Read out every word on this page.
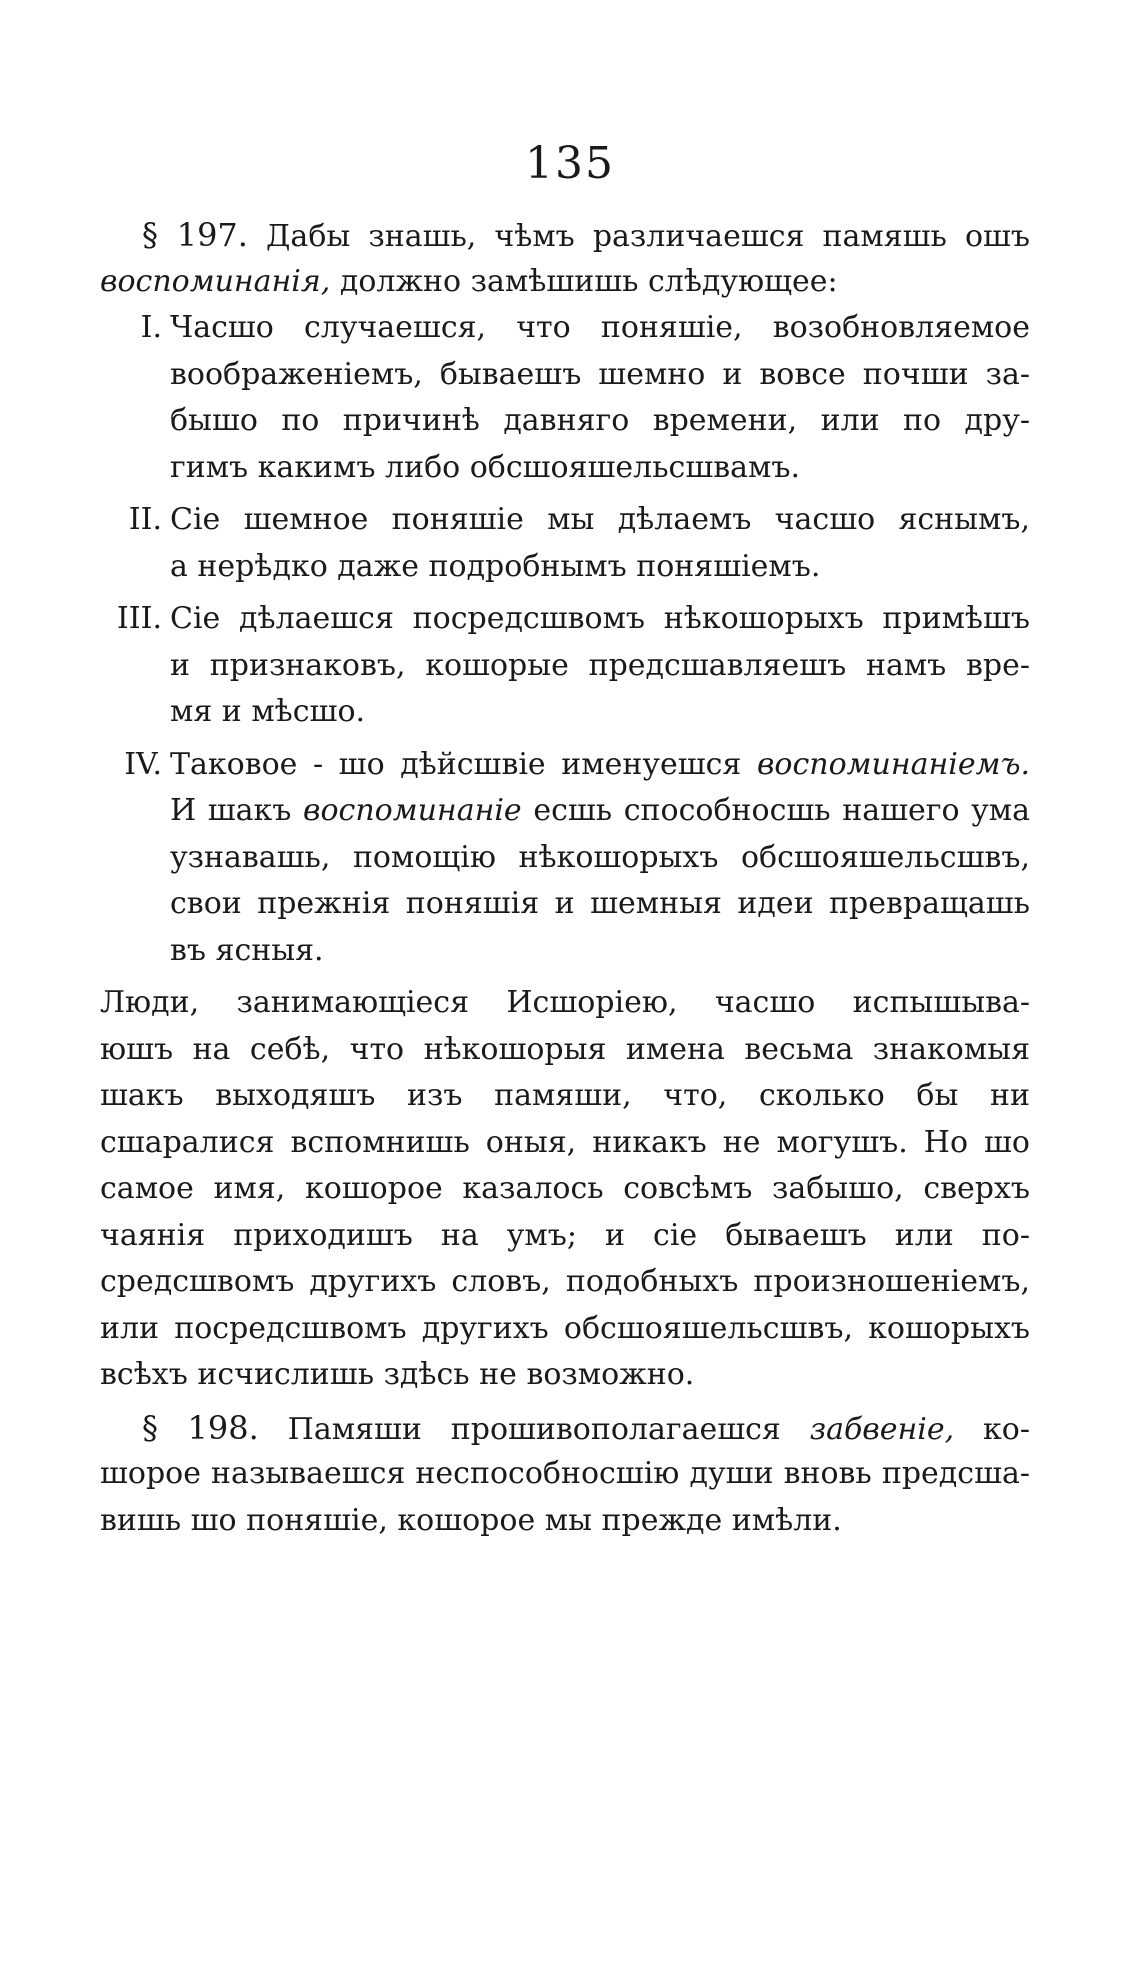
135
§ 197. Дабы знашь, чѣмъ различаешся памяшь ошъ
воспоминанія, должно замѣшишь слѣдующее:
I. Часшо случаешся, что поняшіе, возобновляемое
воображеніемъ, бываешъ шемно и вовсе почши за-
бышо по причинѣ давняго времени, или по дру-
гимъ какимъ либо обсшояшельсшвамъ.
II. Сіе шемное поняшіе мы дѣлаемъ часшо яснымъ,
а нерѣдко даже подробнымъ поняшіемъ.
III. Сіе дѣлаешся посредсшвомъ нѣкошорыхъ примѣшъ
и признаковъ, кошорые предсшавляешъ намъ вре-
мя и мѣсшо.
IV. Таковое - шо дѣйсшвіе именуешся воспоминаніемъ.
И шакъ воспоминаніе есшь способносшь нашего ума
узнавашь, помощію нѣкошорыхъ обсшояшельсшвъ,
свои прежнія поняшія и шемныя идеи превращашь
въ ясныя.
Люди, занимающіеся Исшоріею, часшо испышыва-
юшъ на себѣ, что нѣкошорыя имена весьма знакомыя
шакъ выходяшъ изъ памяши, что, сколько бы ни
сшаралися вспомнишь оныя, никакъ не могушъ. Но шо
самое имя, кошорое казалось совсѣмъ забышо, сверхъ
чаянія приходишъ на умъ; и сіе бываешъ или по-
средсшвомъ другихъ словъ, подобныхъ произношеніемъ,
или посредсшвомъ другихъ обсшояшельсшвъ, кошорыхъ
всѣхъ исчислишь здѣсь не возможно.
§ 198. Памяши прошивополагаешся забвеніе, ко-
шорое называешся неспособносшію души вновь предсша-
вишь шо поняшіе, кошорое мы прежде имѣли.
